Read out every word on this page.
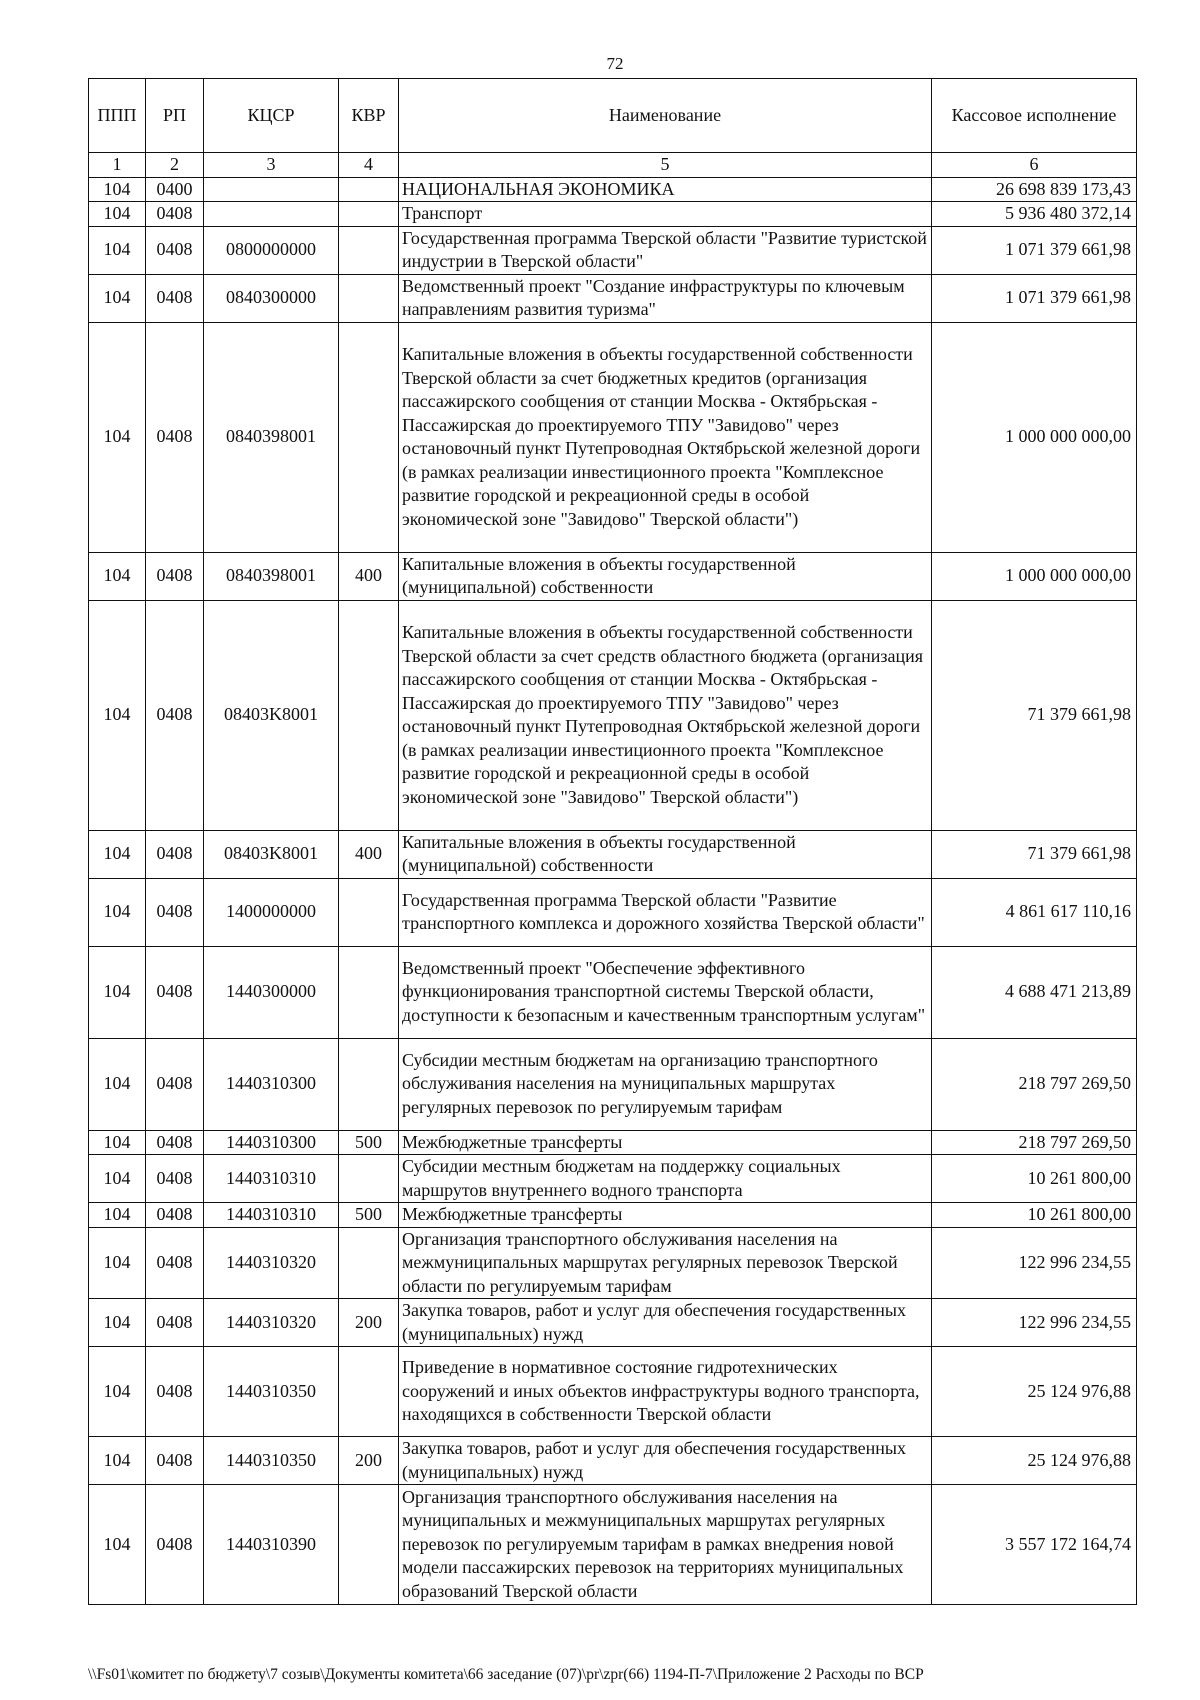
72
ППП	РП	КЦСР	КВР	Наименование	Кассовое исполнение
1	2	3	4	5	6
104	0400			НАЦИОНАЛЬНАЯ ЭКОНОМИКА	26 698 839 173,43
104	0408			Транспорт	5 936 480 372,14
104	0408	0800000000		Государственная программа Тверской области "Развитие туристской индустрии в Тверской области"	1 071 379 661,98
104	0408	0840300000		Ведомственный проект "Создание инфраструктуры по ключевым направлениям развития туризма"	1 071 379 661,98
104	0408	0840398001		Капитальные вложения в объекты государственной собственности Тверской области за счет бюджетных кредитов (организация пассажирского сообщения от станции Москва - Октябрьская - Пассажирская до проектируемого ТПУ "Завидово" через остановочный пункт Путепроводная Октябрьской железной дороги (в рамках реализации инвестиционного проекта "Комплексное развитие городской и рекреационной среды в особой экономической зоне "Завидово" Тверской области")	1 000 000 000,00
104	0408	0840398001	400	Капитальные вложения в объекты государственной (муниципальной) собственности	1 000 000 000,00
104	0408	08403K8001		Капитальные вложения в объекты государственной собственности Тверской области за счет средств областного бюджета (организация пассажирского сообщения от станции Москва - Октябрьская - Пассажирская до проектируемого ТПУ "Завидово" через остановочный пункт Путепроводная Октябрьской железной дороги (в рамках реализации инвестиционного проекта "Комплексное развитие городской и рекреационной среды в особой экономической зоне "Завидово" Тверской области")	71 379 661,98
104	0408	08403K8001	400	Капитальные вложения в объекты государственной (муниципальной) собственности	71 379 661,98
104	0408	1400000000		Государственная программа Тверской области "Развитие транспортного комплекса и дорожного хозяйства Тверской области"	4 861 617 110,16
104	0408	1440300000		Ведомственный проект "Обеспечение эффективного функционирования транспортной системы Тверской области, доступности к безопасным и качественным транспортным услугам"	4 688 471 213,89
104	0408	1440310300		Субсидии местным бюджетам на организацию транспортного обслуживания населения на муниципальных маршрутах регулярных перевозок по регулируемым тарифам	218 797 269,50
104	0408	1440310300	500	Межбюджетные трансферты	218 797 269,50
104	0408	1440310310		Субсидии местным бюджетам на поддержку социальных маршрутов внутреннего водного транспорта	10 261 800,00
104	0408	1440310310	500	Межбюджетные трансферты	10 261 800,00
104	0408	1440310320		Организация транспортного обслуживания населения на межмуниципальных маршрутах регулярных перевозок Тверской области по регулируемым тарифам	122 996 234,55
104	0408	1440310320	200	Закупка товаров, работ и услуг для обеспечения государственных (муниципальных) нужд	122 996 234,55
104	0408	1440310350		Приведение в нормативное состояние гидротехнических сооружений и иных объектов инфраструктуры водного транспорта, находящихся в собственности Тверской области	25 124 976,88
104	0408	1440310350	200	Закупка товаров, работ и услуг для обеспечения государственных (муниципальных) нужд	25 124 976,88
104	0408	1440310390		Организация транспортного обслуживания населения на муниципальных и межмуниципальных маршрутах регулярных перевозок по регулируемым тарифам в рамках внедрения новой модели пассажирских перевозок на территориях муниципальных образований Тверской области	3 557 172 164,74
\\Fs01\комитет по бюджету\7 созыв\Документы комитета\66 заседание (07)\pr\zpr(66) 1194-П-7\Приложение 2 Расходы по ВСР
